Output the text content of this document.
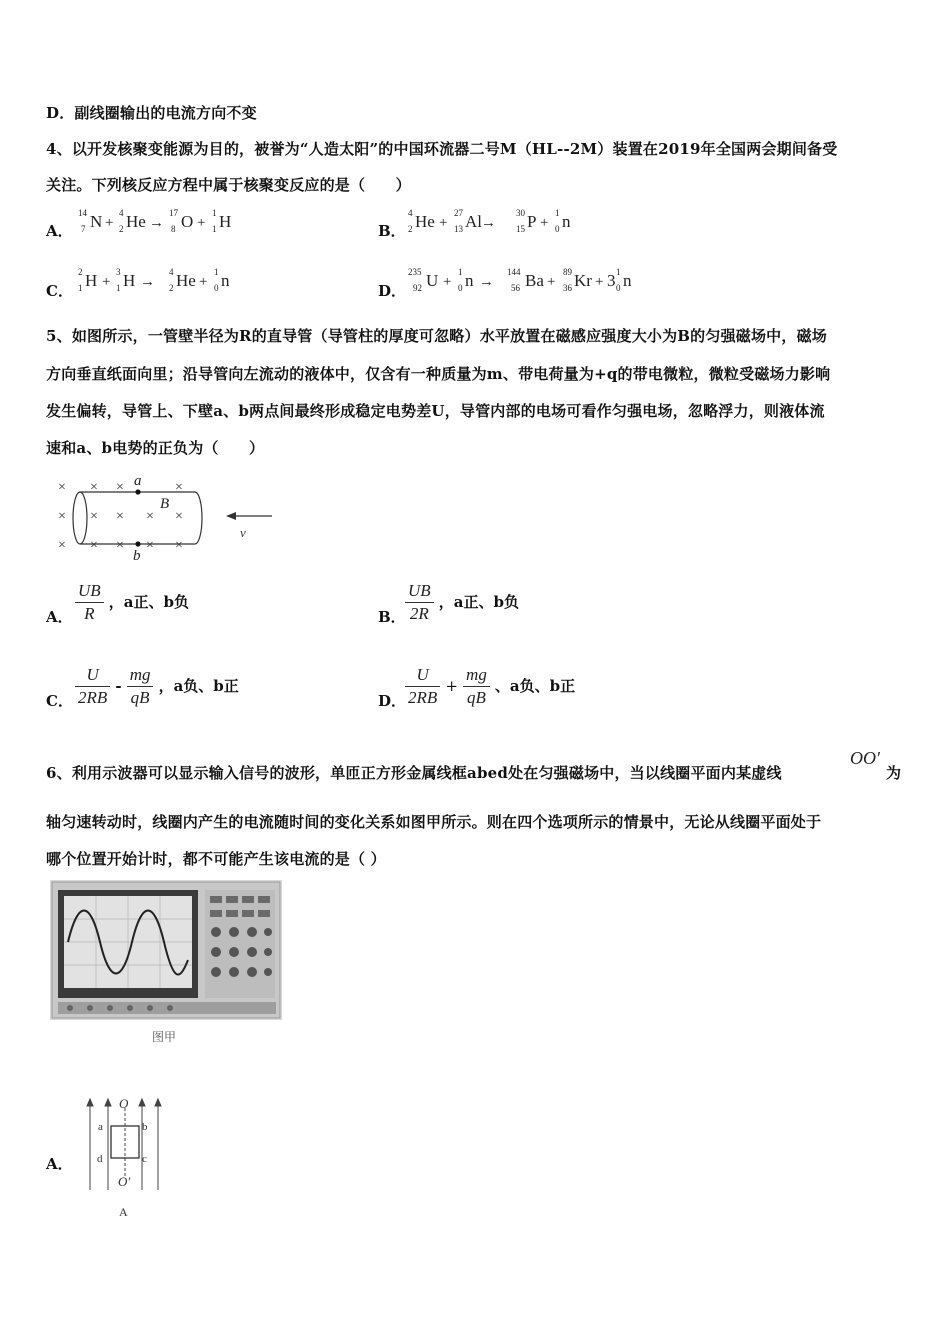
D．副线圈输出的电流方向不变
4、以开发核聚变能源为目的，被誉为“人造太阳”的中国环流器二号M（HL--2M）装置在2019年全国两会期间备受
关注。下列核反应方程中属于核聚变反应的是（　　）
A．
14
7 N +
4
2 He →
17
8 O +
1
1 H	B．
4
2 He +
27
13 Al →
30
15 P +
1
0 n
C．
2
1 H +
3
1 H →
4
2 He +
1
0 n
D．
235
92 U +
1
0 n →
144
56 Ba +
89
36 Kr + 3 1
0 n
5、如图所示，一管壁半径为R的直导管（导管柱的厚度可忽略）水平放置在磁感应强度大小为B的匀强磁场中，磁场
方向垂直纸面向里；沿导管向左流动的液体中，仅含有一种质量为m、带电荷量为+q的带电微粒，微粒受磁场力影响
发生偏转，导管上、下壁a、b两点间最终形成稳定电势差U，导管内部的电场可看作匀强电场，忽略浮力，则液体流
速和a、b电势的正负为（　　）
× × ×	×
× × × × ×
× × × × ×
a
b
B
v
A． $\frac{UB}{R}$ ，a正、b负
B． $\frac{UB}{2R}$ ，a正、b负
C． $\frac{U}{2RB} - \frac{mg}{qB}$ ，a负、b正
D．
$\frac{U}{2RB} + \frac{mg}{qB}$ 、a负、b正
6、利用示波器可以显示输入信号的波形，单匝正方形金属线框abed处在匀强磁场中，当以线圈平面内某虚线
OO′
为
轴匀速转动时，线圈内产生的电流随时间的变化关系如图甲所示。则在四个选项所示的情景中，无论从线圈平面处于
哪个位置开始计时，都不可能产生该电流的是（ ）
图甲
A．
O
O′
a	b
c
d
A
